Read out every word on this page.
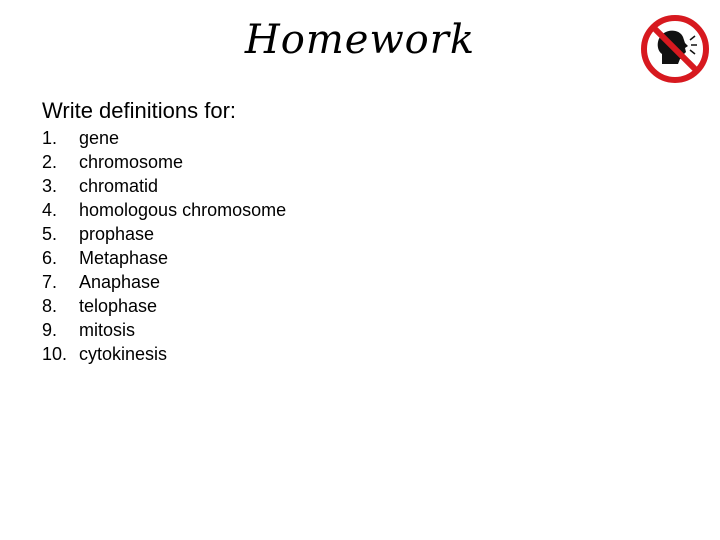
Homework
Write definitions for:
1.	gene
2.	chromosome
3.	chromatid
4.	homologous chromosome
5.	prophase
6.	Metaphase
7.	Anaphase
8.	telophase
9.	mitosis
10. cytokinesis
